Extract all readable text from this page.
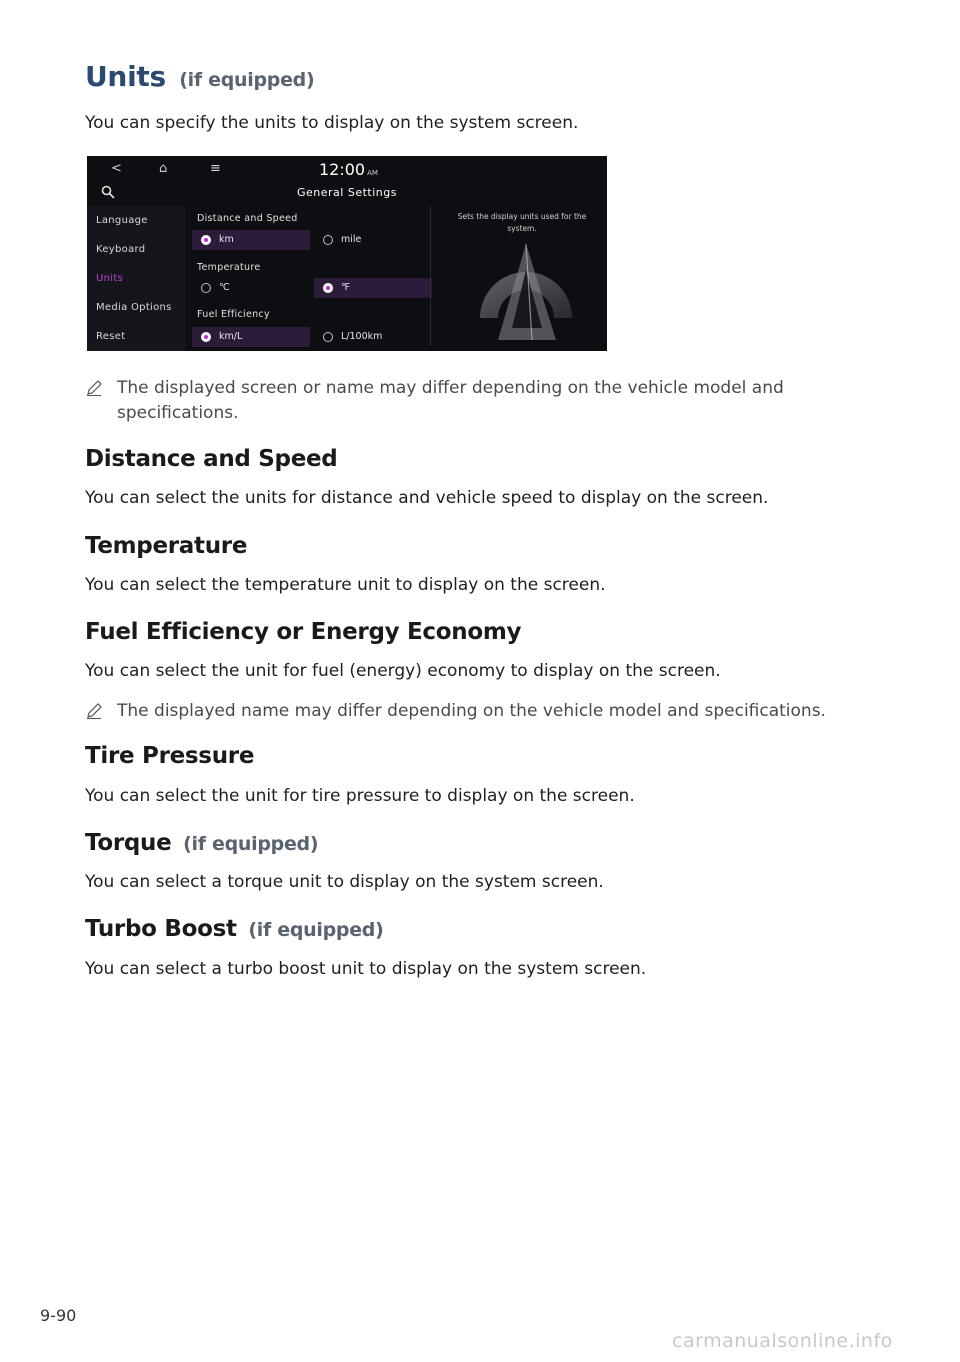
Units (if equipped)
You can specify the units to display on the system screen.
<	⌂	≡	12:00 AM
General Settings
Language
Keyboard
Units
Media Options
Reset
Distance and Speed
km	mile
Temperature
℃	℉
Fuel Efficiency
km/L	L/100km
Sets the display units used for the system.
The displayed screen or name may differ depending on the vehicle model and specifications.
Distance and Speed
You can select the units for distance and vehicle speed to display on the screen.
Temperature
You can select the temperature unit to display on the screen.
Fuel Efficiency or Energy Economy
You can select the unit for fuel (energy) economy to display on the screen.
The displayed name may differ depending on the vehicle model and specifications.
Tire Pressure
You can select the unit for tire pressure to display on the screen.
Torque (if equipped)
You can select a torque unit to display on the system screen.
Turbo Boost (if equipped)
You can select a turbo boost unit to display on the system screen.
9-90
carmanualsonline.info
